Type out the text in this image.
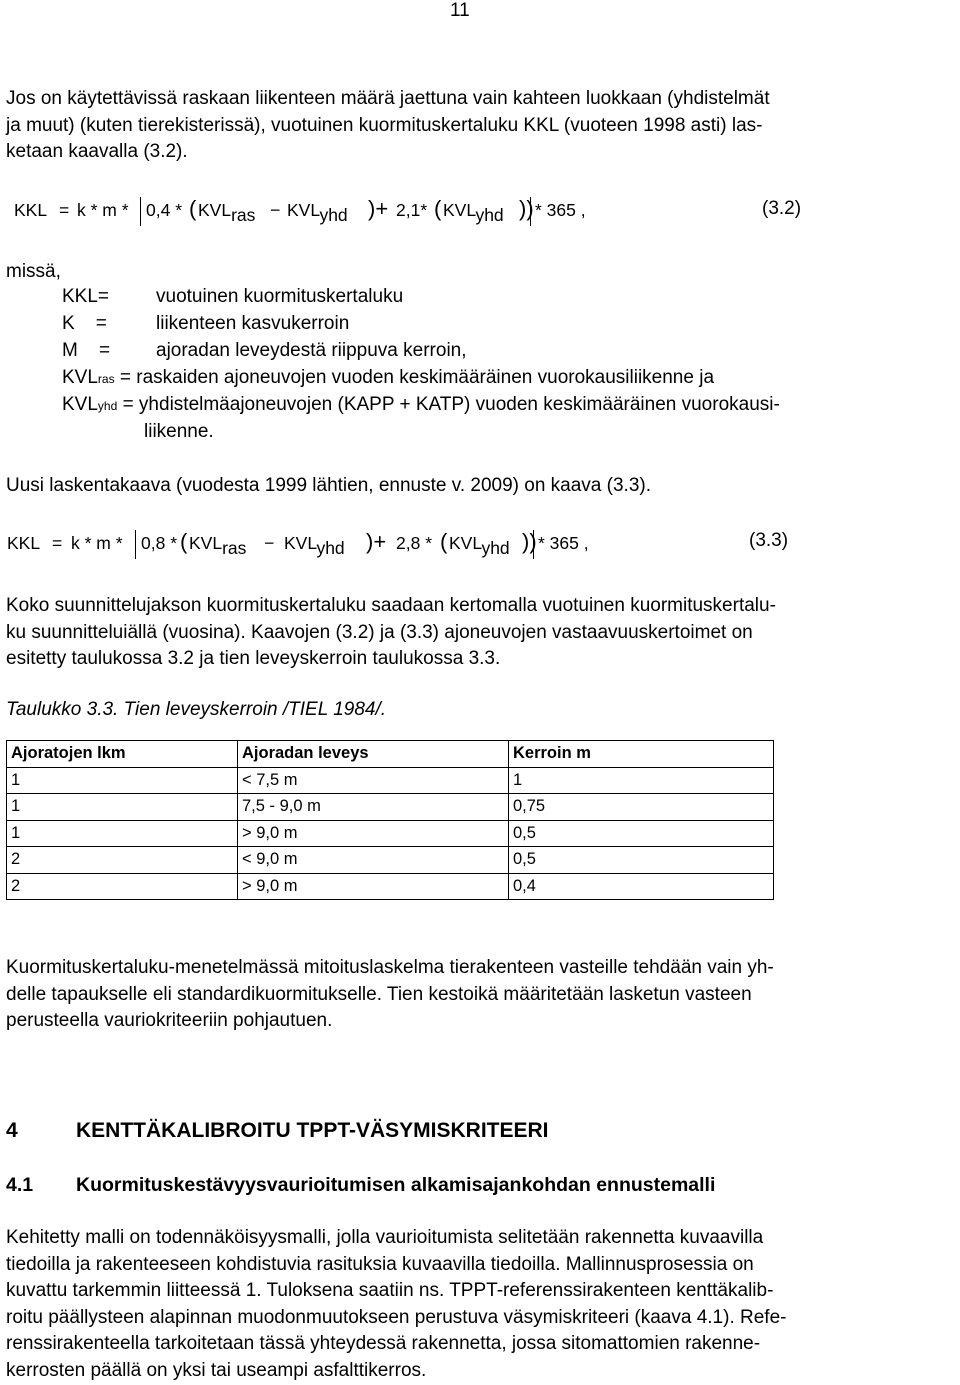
11
Jos on käytettävissä raskaan liikenteen määrä jaettuna vain kahteen luokkaan (yhdistelmät
ja muut) (kuten tierekisterissä), vuotuinen kuormituskertaluku KKL (vuoteen 1998 asti) las-
ketaan kaavalla (3.2).
KKL = k * m * 0,4 * ( $KVL_{ras} - KVL_{yhd}$ )+ 2,1* ( $KVL_{yhd}$ )) * 365 ,	(3.2)
missä,
KKL= vuotuinen kuormituskertaluku
K    =	liikenteen kasvukerroin
M    = ajoradan leveydestä riippuva kerroin,
KVLras = raskaiden ajoneuvojen vuoden keskimääräinen vuorokausiliikenne ja
KVLyhd = yhdistelmäajoneuvojen (KAPP + KATP) vuoden keskimääräinen vuorokausi-
liikenne.
Uusi laskentakaava (vuodesta 1999 lähtien, ennuste v. 2009) on kaava (3.3).
KKL = k * m * 0,8 * ( $KVL_{ras} - KVL_{yhd}$ )+ 2,8 * ( $KVL_{yhd}$ )) * 365 ,	(3.3)
Koko suunnittelujakson kuormituskertaluku saadaan kertomalla vuotuinen kuormituskertalu-
ku suunnitteluiällä (vuosina). Kaavojen (3.2) ja (3.3) ajoneuvojen vastaavuuskertoimet on
esitetty taulukossa 3.2 ja tien leveyskerroin taulukossa 3.3.
Taulukko 3.3. Tien leveyskerroin /TIEL 1984/.
Ajoratojen lkm	Ajoradan leveys	Kerroin m
1	< 7,5 m	1
1	7,5 - 9,0 m	0,75
1	> 9,0 m	0,5
2	< 9,0 m	0,5
2	> 9,0 m	0,4
Kuormituskertaluku-menetelmässä mitoituslaskelma tierakenteen vasteille tehdään vain yh-
delle tapaukselle eli standardikuormitukselle. Tien kestoikä määritetään lasketun vasteen
perusteella vauriokriteeriin pohjautuen.
4	KENTTÄKALIBROITU TPPT-VÄSYMISKRITEERI
4.1 Kuormituskestävyysvaurioitumisen alkamisajankohdan ennustemalli
Kehitetty malli on todennäköisyysmalli, jolla vaurioitumista selitetään rakennetta kuvaavilla
tiedoilla ja rakenteeseen kohdistuvia rasituksia kuvaavilla tiedoilla. Mallinnusprosessia on
kuvattu tarkemmin liitteessä 1. Tuloksena saatiin ns. TPPT-referenssirakenteen kenttäkalib-
roitu päällysteen alapinnan muodonmuutokseen perustuva väsymiskriteeri (kaava 4.1). Refe-
renssirakenteella tarkoitetaan tässä yhteydessä rakennetta, jossa sitomattomien rakenne-
kerrosten päällä on yksi tai useampi asfalttikerros.
